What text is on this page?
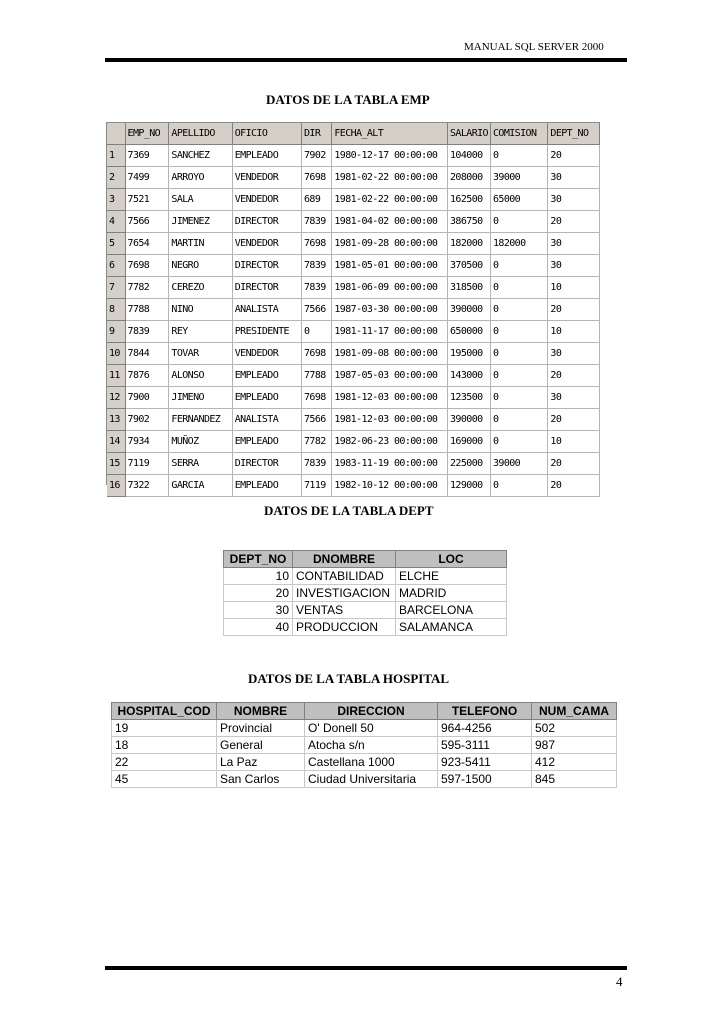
MANUAL SQL SERVER 2000
DATOS DE LA TABLA EMP
	EMP_NO	APELLIDO	OFICIO	DIR	FECHA_ALT	SALARIO	COMISION	DEPT_NO
1	7369	SANCHEZ	EMPLEADO	7902	1980-12-17 00:00:00	104000	0	20
2	7499	ARROYO	VENDEDOR	7698	1981-02-22 00:00:00	208000	39000	30
3	7521	SALA	VENDEDOR	689	1981-02-22 00:00:00	162500	65000	30
4	7566	JIMENEZ	DIRECTOR	7839	1981-04-02 00:00:00	386750	0	20
5	7654	MARTIN	VENDEDOR	7698	1981-09-28 00:00:00	182000	182000	30
6	7698	NEGRO	DIRECTOR	7839	1981-05-01 00:00:00	370500	0	30
7	7782	CEREZO	DIRECTOR	7839	1981-06-09 00:00:00	318500	0	10
8	7788	NINO	ANALISTA	7566	1987-03-30 00:00:00	390000	0	20
9	7839	REY	PRESIDENTE	0	1981-11-17 00:00:00	650000	0	10
10	7844	TOVAR	VENDEDOR	7698	1981-09-08 00:00:00	195000	0	30
11	7876	ALONSO	EMPLEADO	7788	1987-05-03 00:00:00	143000	0	20
12	7900	JIMENO	EMPLEADO	7698	1981-12-03 00:00:00	123500	0	30
13	7902	FERNANDEZ	ANALISTA	7566	1981-12-03 00:00:00	390000	0	20
14	7934	MUÑOZ	EMPLEADO	7782	1982-06-23 00:00:00	169000	0	10
15	7119	SERRA	DIRECTOR	7839	1983-11-19 00:00:00	225000	39000	20
16	7322	GARCIA	EMPLEADO	7119	1982-10-12 00:00:00	129000	0	20
DATOS DE LA TABLA DEPT
DEPT_NO	DNOMBRE	LOC
10	CONTABILIDAD	ELCHE
20	INVESTIGACION	MADRID
30	VENTAS	BARCELONA
40	PRODUCCION	SALAMANCA
DATOS DE LA TABLA HOSPITAL
HOSPITAL_COD	NOMBRE	DIRECCION	TELEFONO	NUM_CAMA
19	Provincial	O' Donell 50	964-4256	502
18	General	Atocha s/n	595-3111	987
22	La Paz	Castellana 1000	923-5411	412
45	San Carlos	Ciudad Universitaria	597-1500	845
4
